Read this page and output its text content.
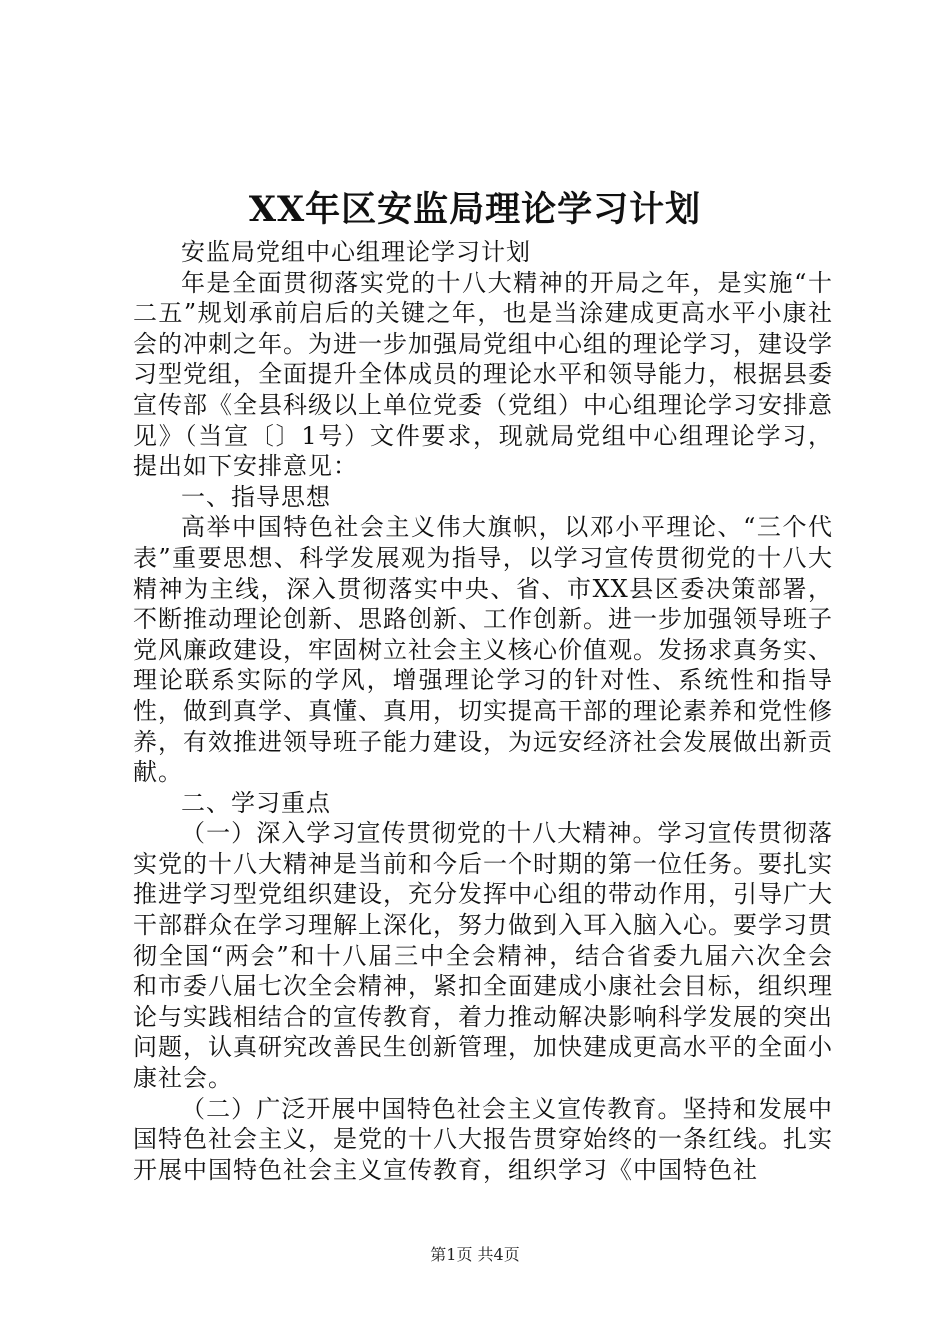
XX年区安监局理论学习计划

安监局党组中心组理论学习计划

年是全面贯彻落实党的十八大精神的开局之年，是实施“十二五”规划承前启后的关键之年，也是当涂建成更高水平小康社会的冲刺之年。为进一步加强局党组中心组的理论学习，建设学习型党组，全面提升全体成员的理论水平和领导能力，根据县委宣传部《全县科级以上单位党委（党组）中心组理论学习安排意见》（当宣〔〕1号）文件要求，现就局党组中心组理论学习，提出如下安排意见：

一、指导思想

高举中国特色社会主义伟大旗帜，以邓小平理论、“三个代表”重要思想、科学发展观为指导，以学习宣传贯彻党的十八大精神为主线，深入贯彻落实中央、省、市XX县区委决策部署，不断推动理论创新、思路创新、工作创新。进一步加强领导班子党风廉政建设，牢固树立社会主义核心价值观。发扬求真务实、理论联系实际的学风，增强理论学习的针对性、系统性和指导性，做到真学、真懂、真用，切实提高干部的理论素养和党性修养，有效推进领导班子能力建设，为远安经济社会发展做出新贡献。

二、学习重点

（一）深入学习宣传贯彻党的十八大精神。学习宣传贯彻落实党的十八大精神是当前和今后一个时期的第一位任务。要扎实推进学习型党组织建设，充分发挥中心组的带动作用，引导广大干部群众在学习理解上深化，努力做到入耳入脑入心。要学习贯彻全国“两会”和十八届三中全会精神，结合省委九届六次全会和市委八届七次全会精神，紧扣全面建成小康社会目标，组织理论与实践相结合的宣传教育，着力推动解决影响科学发展的突出问题，认真研究改善民生创新管理，加快建成更高水平的全面小康社会。

（二）广泛开展中国特色社会主义宣传教育。坚持和发展中国特色社会主义，是党的十八大报告贯穿始终的一条红线。扎实开展中国特色社会主义宣传教育，组织学习《中国特色社

第1页 共4页
